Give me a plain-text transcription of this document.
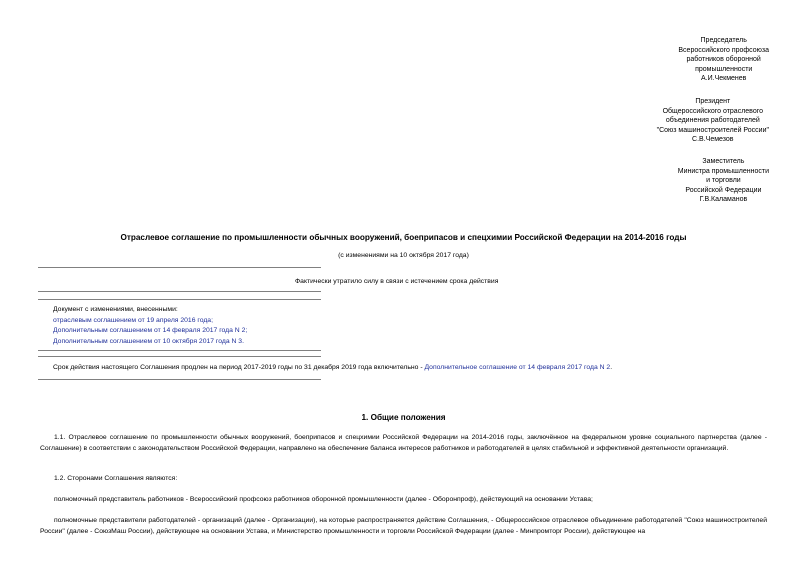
Председатель
Всероссийского профсоюза
работников оборонной
промышленности
А.И.Чекменев
Президент
Общероссийского отраслевого
объединения работодателей
"Союз машиностроителей России"
С.В.Чемезов
Заместитель
Министра промышленности
и торговли
Российской Федерации
Г.В.Каламанов
Отраслевое соглашение по промышленности обычных вооружений, боеприпасов и спецхимии Российской Федерации на 2014-2016 годы
(с изменениями на 10 октября 2017 года)
Фактически утратило силу в связи с истечением срока действия
Документ с изменениями, внесенными:
отраслевым соглашением от 19 апреля 2016 года;
Дополнительным соглашением от 14 февраля 2017 года N 2;
Дополнительным соглашением от 10 октября 2017 года N 3.
Срок действия настоящего Соглашения продлен на период 2017-2019 годы по 31 декабря 2019 года включительно - Дополнительное соглашение от 14 февраля 2017 года N 2.
1. Общие положения
1.1. Отраслевое соглашение по промышленности обычных вооружений, боеприпасов и спецхимии Российской Федерации на 2014-2016 годы, заключённое на федеральном уровне социального партнерства (далее - Соглашение) в соответствии с законодательством Российской Федерации, направлено на обеспечение баланса интересов работников и работодателей в целях стабильной и эффективной деятельности организаций.
1.2. Сторонами Соглашения являются:
полномочный представитель работников - Всероссийский профсоюз работников оборонной промышленности (далее - Оборонпроф), действующий на основании Устава;
полномочные представители работодателей - организаций (далее - Организации), на которые распространяется действие Соглашения, - Общероссийское отраслевое объединение работодателей "Союз машиностроителей России" (далее - СоюзМаш России), действующее на основании Устава, и Министерство промышленности и торговли Российской Федерации (далее - Минпромторг России), действующее на
